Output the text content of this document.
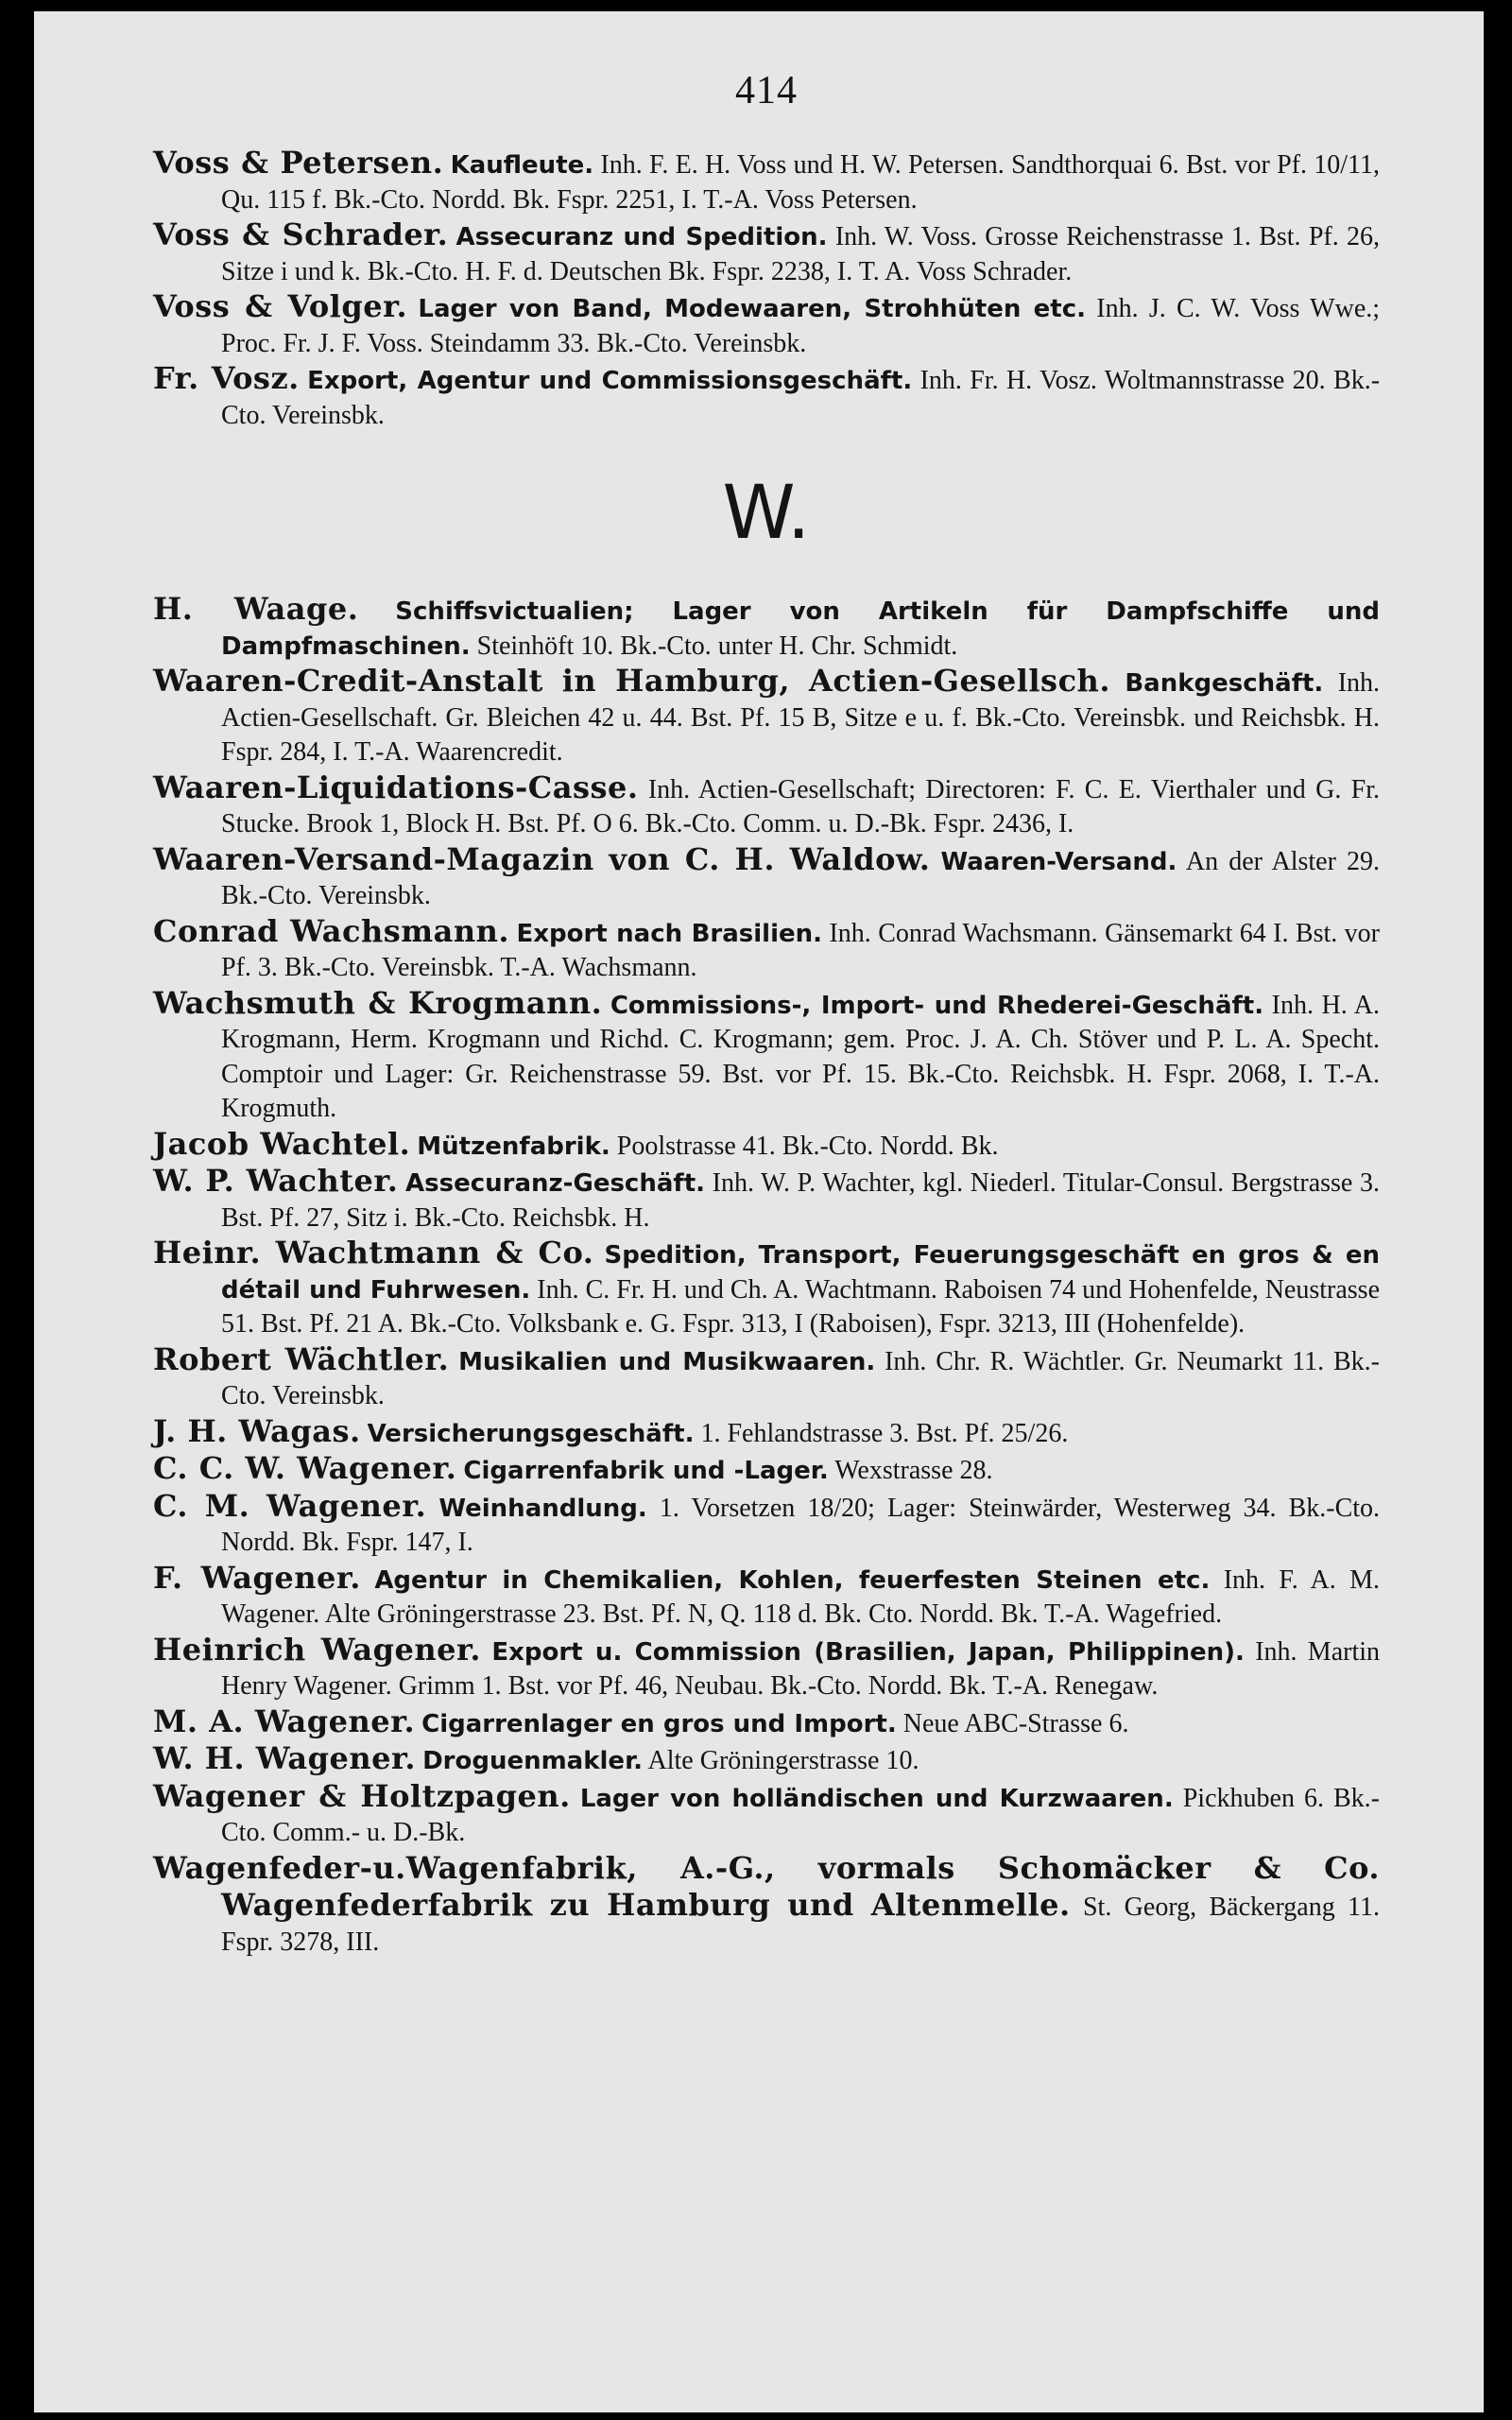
414

Voss & Petersen. Kaufleute. Inh. F. E. H. Voss und H. W. Petersen. Sandthorquai 6. Bst. vor Pf. 10/11, Qu. 115 f. Bk.-Cto. Nordd. Bk. Fspr. 2251, I. T.-A. Voss Petersen.

Voss & Schrader. Assecuranz und Spedition. Inh. W. Voss. Grosse Reichenstrasse 1. Bst. Pf. 26, Sitze i und k. Bk.-Cto. H. F. d. Deutschen Bk. Fspr. 2238, I. T. A. Voss Schrader.

Voss & Volger. Lager von Band, Modewaaren, Strohhüten etc. Inh. J. C. W. Voss Wwe.; Proc. Fr. J. F. Voss. Steindamm 33. Bk.-Cto. Vereinsbk.

Fr. Vosz. Export, Agentur und Commissionsgeschäft. Inh. Fr. H. Vosz. Woltmannstrasse 20. Bk.-Cto. Vereinsbk.

W.

H. Waage. Schiffsvictualien; Lager von Artikeln für Dampfschiffe und Dampfmaschinen. Steinhöft 10. Bk.-Cto. unter H. Chr. Schmidt.

Waaren-Credit-Anstalt in Hamburg, Actien-Gesellsch. Bankgeschäft. Inh. Actien-Gesellschaft. Gr. Bleichen 42 u. 44. Bst. Pf. 15 B, Sitze e u. f. Bk.-Cto. Vereinsbk. und Reichsbk. H. Fspr. 284, I. T.-A. Waarencredit.

Waaren-Liquidations-Casse. Inh. Actien-Gesellschaft; Directoren: F. C. E. Vierthaler und G. Fr. Stucke. Brook 1, Block H. Bst. Pf. O 6. Bk.-Cto. Comm. u. D.-Bk. Fspr. 2436, I.

Waaren-Versand-Magazin von C. H. Waldow. Waaren-Versand. An der Alster 29. Bk.-Cto. Vereinsbk.

Conrad Wachsmann. Export nach Brasilien. Inh. Conrad Wachsmann. Gänsemarkt 64 I. Bst. vor Pf. 3. Bk.-Cto. Vereinsbk. T.-A. Wachsmann.

Wachsmuth & Krogmann. Commissions-, Import- und Rhederei-Geschäft. Inh. H. A. Krogmann, Herm. Krogmann und Richd. C. Krogmann; gem. Proc. J. A. Ch. Stöver und P. L. A. Specht. Comptoir und Lager: Gr. Reichenstrasse 59. Bst. vor Pf. 15. Bk.-Cto. Reichsbk. H. Fspr. 2068, I. T.-A. Krogmuth.

Jacob Wachtel. Mützenfabrik. Poolstrasse 41. Bk.-Cto. Nordd. Bk.

W. P. Wachter. Assecuranz-Geschäft. Inh. W. P. Wachter, kgl. Niederl. Titular-Consul. Bergstrasse 3. Bst. Pf. 27, Sitz i. Bk.-Cto. Reichsbk. H.

Heinr. Wachtmann & Co. Spedition, Transport, Feuerungsgeschäft en gros & en détail und Fuhrwesen. Inh. C. Fr. H. und Ch. A. Wachtmann. Raboisen 74 und Hohenfelde, Neustrasse 51. Bst. Pf. 21 A. Bk.-Cto. Volksbank e. G. Fspr. 313, I (Raboisen), Fspr. 3213, III (Hohenfelde).

Robert Wächtler. Musikalien und Musikwaaren. Inh. Chr. R. Wächtler. Gr. Neumarkt 11. Bk.-Cto. Vereinsbk.

J. H. Wagas. Versicherungsgeschäft. 1. Fehlandstrasse 3. Bst. Pf. 25/26.

C. C. W. Wagener. Cigarrenfabrik und -Lager. Wexstrasse 28.

C. M. Wagener. Weinhandlung. 1. Vorsetzen 18/20; Lager: Steinwärder, Westerweg 34. Bk.-Cto. Nordd. Bk. Fspr. 147, I.

F. Wagener. Agentur in Chemikalien, Kohlen, feuerfesten Steinen etc. Inh. F. A. M. Wagener. Alte Gröningerstrasse 23. Bst. Pf. N, Q. 118 d. Bk. Cto. Nordd. Bk. T.-A. Wagefried.

Heinrich Wagener. Export u. Commission (Brasilien, Japan, Philippinen). Inh. Martin Henry Wagener. Grimm 1. Bst. vor Pf. 46, Neubau. Bk.-Cto. Nordd. Bk. T.-A. Renegaw.

M. A. Wagener. Cigarrenlager en gros und Import. Neue ABC-Strasse 6.

W. H. Wagener. Droguenmakler. Alte Gröningerstrasse 10.

Wagener & Holtzpagen. Lager von holländischen und Kurzwaaren. Pickhuben 6. Bk.-Cto. Comm.- u. D.-Bk.

Wagenfeder-u.Wagenfabrik, A.-G., vormals Schomäcker & Co. Wagenfederfabrik zu Hamburg und Altenmelle. St. Georg, Bäckergang 11. Fspr. 3278, III.
